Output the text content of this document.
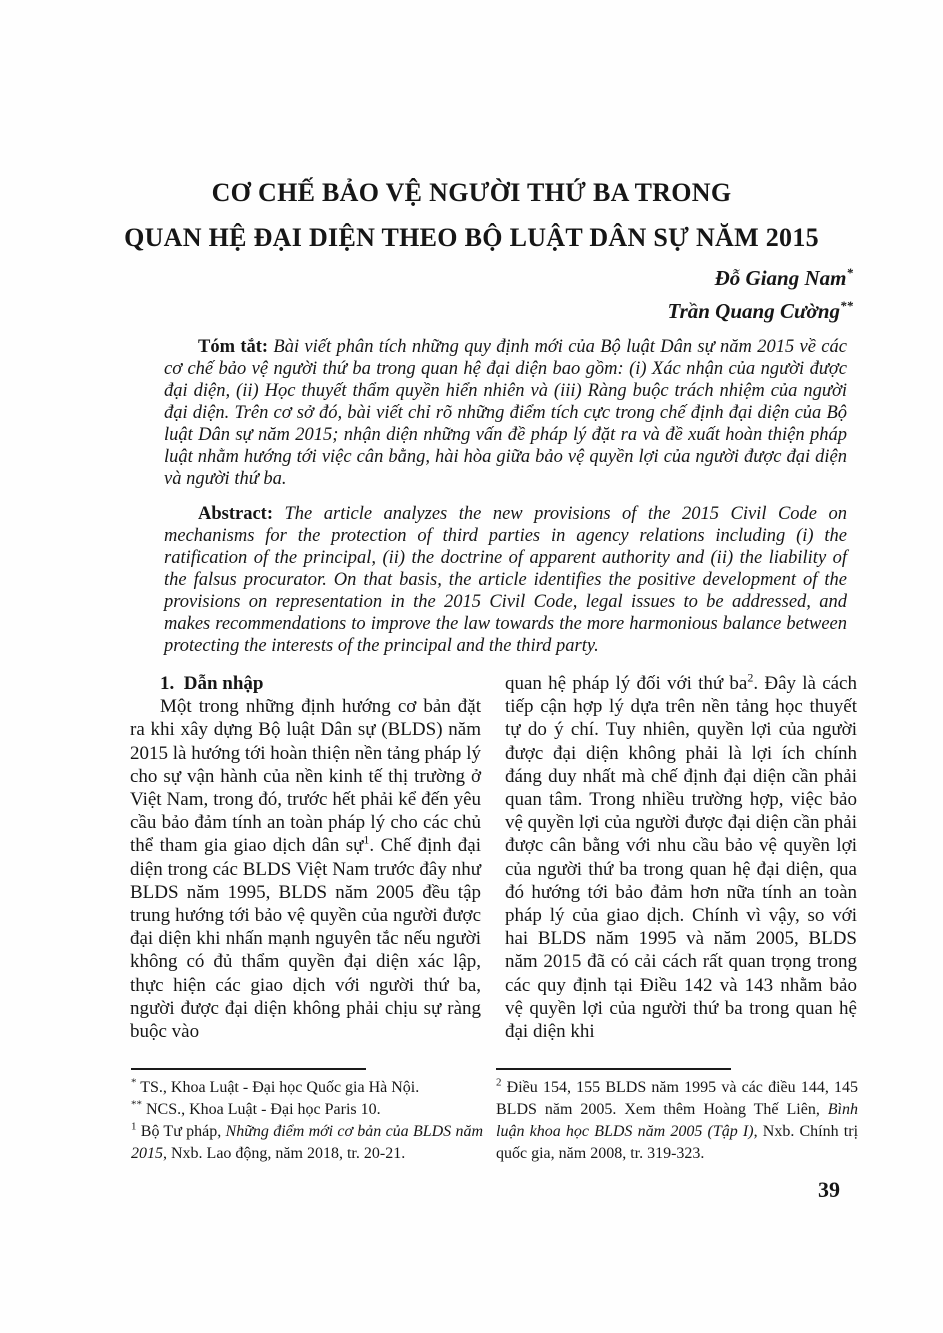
CƠ CHẾ BẢO VỆ NGƯỜI THỨ BA TRONG
QUAN HỆ ĐẠI DIỆN THEO BỘ LUẬT DÂN SỰ NĂM 2015
Đỗ Giang Nam*
Trần Quang Cường**

Tóm tắt: Bài viết phân tích những quy định mới của Bộ luật Dân sự năm 2015 về các cơ chế bảo vệ người thứ ba trong quan hệ đại diện bao gồm: (i) Xác nhận của người được đại diện, (ii) Học thuyết thẩm quyền hiển nhiên và (iii) Ràng buộc trách nhiệm của người đại diện. Trên cơ sở đó, bài viết chỉ rõ những điểm tích cực trong chế định đại diện của Bộ luật Dân sự năm 2015; nhận diện những vấn đề pháp lý đặt ra và đề xuất hoàn thiện pháp luật nhằm hướng tới việc cân bằng, hài hòa giữa bảo vệ quyền lợi của người được đại diện và người thứ ba.

Abstract: The article analyzes the new provisions of the 2015 Civil Code on mechanisms for the protection of third parties in agency relations including (i) the ratification of the principal, (ii) the doctrine of apparent authority and (ii) the liability of the falsus procurator. On that basis, the article identifies the positive development of the provisions on representation in the 2015 Civil Code, legal issues to be addressed, and makes recommendations to improve the law towards the more harmonious balance between protecting the interests of the principal and the third party.

1.  Dẫn nhập

Một trong những định hướng cơ bản đặt ra khi xây dựng Bộ luật Dân sự (BLDS) năm 2015 là hướng tới hoàn thiện nền tảng pháp lý cho sự vận hành của nền kinh tế thị trường ở Việt Nam, trong đó, trước hết phải kể đến yêu cầu bảo đảm tính an toàn pháp lý cho các chủ thể tham gia giao dịch dân sự$^1$. Chế định đại diện trong các BLDS Việt Nam trước đây như BLDS năm 1995, BLDS năm 2005 đều tập trung hướng tới bảo vệ quyền của người được đại diện khi nhấn mạnh nguyên tắc nếu người không có đủ thẩm quyền đại diện xác lập, thực hiện các giao dịch với người thứ ba, người được đại diện không phải chịu sự ràng buộc vào

quan hệ pháp lý đối với thứ ba$^2$. Đây là cách tiếp cận hợp lý dựa trên nền tảng học thuyết tự do ý chí. Tuy nhiên, quyền lợi của người được đại diện không phải là lợi ích chính đáng duy nhất mà chế định đại diện cần phải quan tâm. Trong nhiều trường hợp, việc bảo vệ quyền lợi của người được đại diện cần phải được cân bằng với nhu cầu bảo vệ quyền lợi của người thứ ba trong quan hệ đại diện, qua đó hướng tới bảo đảm hơn nữa tính an toàn pháp lý của giao dịch. Chính vì vậy, so với hai BLDS năm 1995 và năm 2005, BLDS năm 2015 đã có cải cách rất quan trọng trong các quy định tại Điều 142 và 143 nhằm bảo vệ quyền lợi của người thứ ba trong quan hệ đại diện khi

* TS., Khoa Luật - Đại học Quốc gia Hà Nội.

** NCS., Khoa Luật - Đại học Paris 10.

$^1$ Bộ Tư pháp, Những điểm mới cơ bản của BLDS năm 2015, Nxb. Lao động, năm 2018, tr. 20-21.

$^2$ Điều 154, 155 BLDS năm 1995 và các điều 144, 145 BLDS năm 2005. Xem thêm Hoàng Thế Liên, Bình luận khoa học BLDS năm 2005 (Tập I), Nxb. Chính trị quốc gia, năm 2008, tr. 319-323.

39
